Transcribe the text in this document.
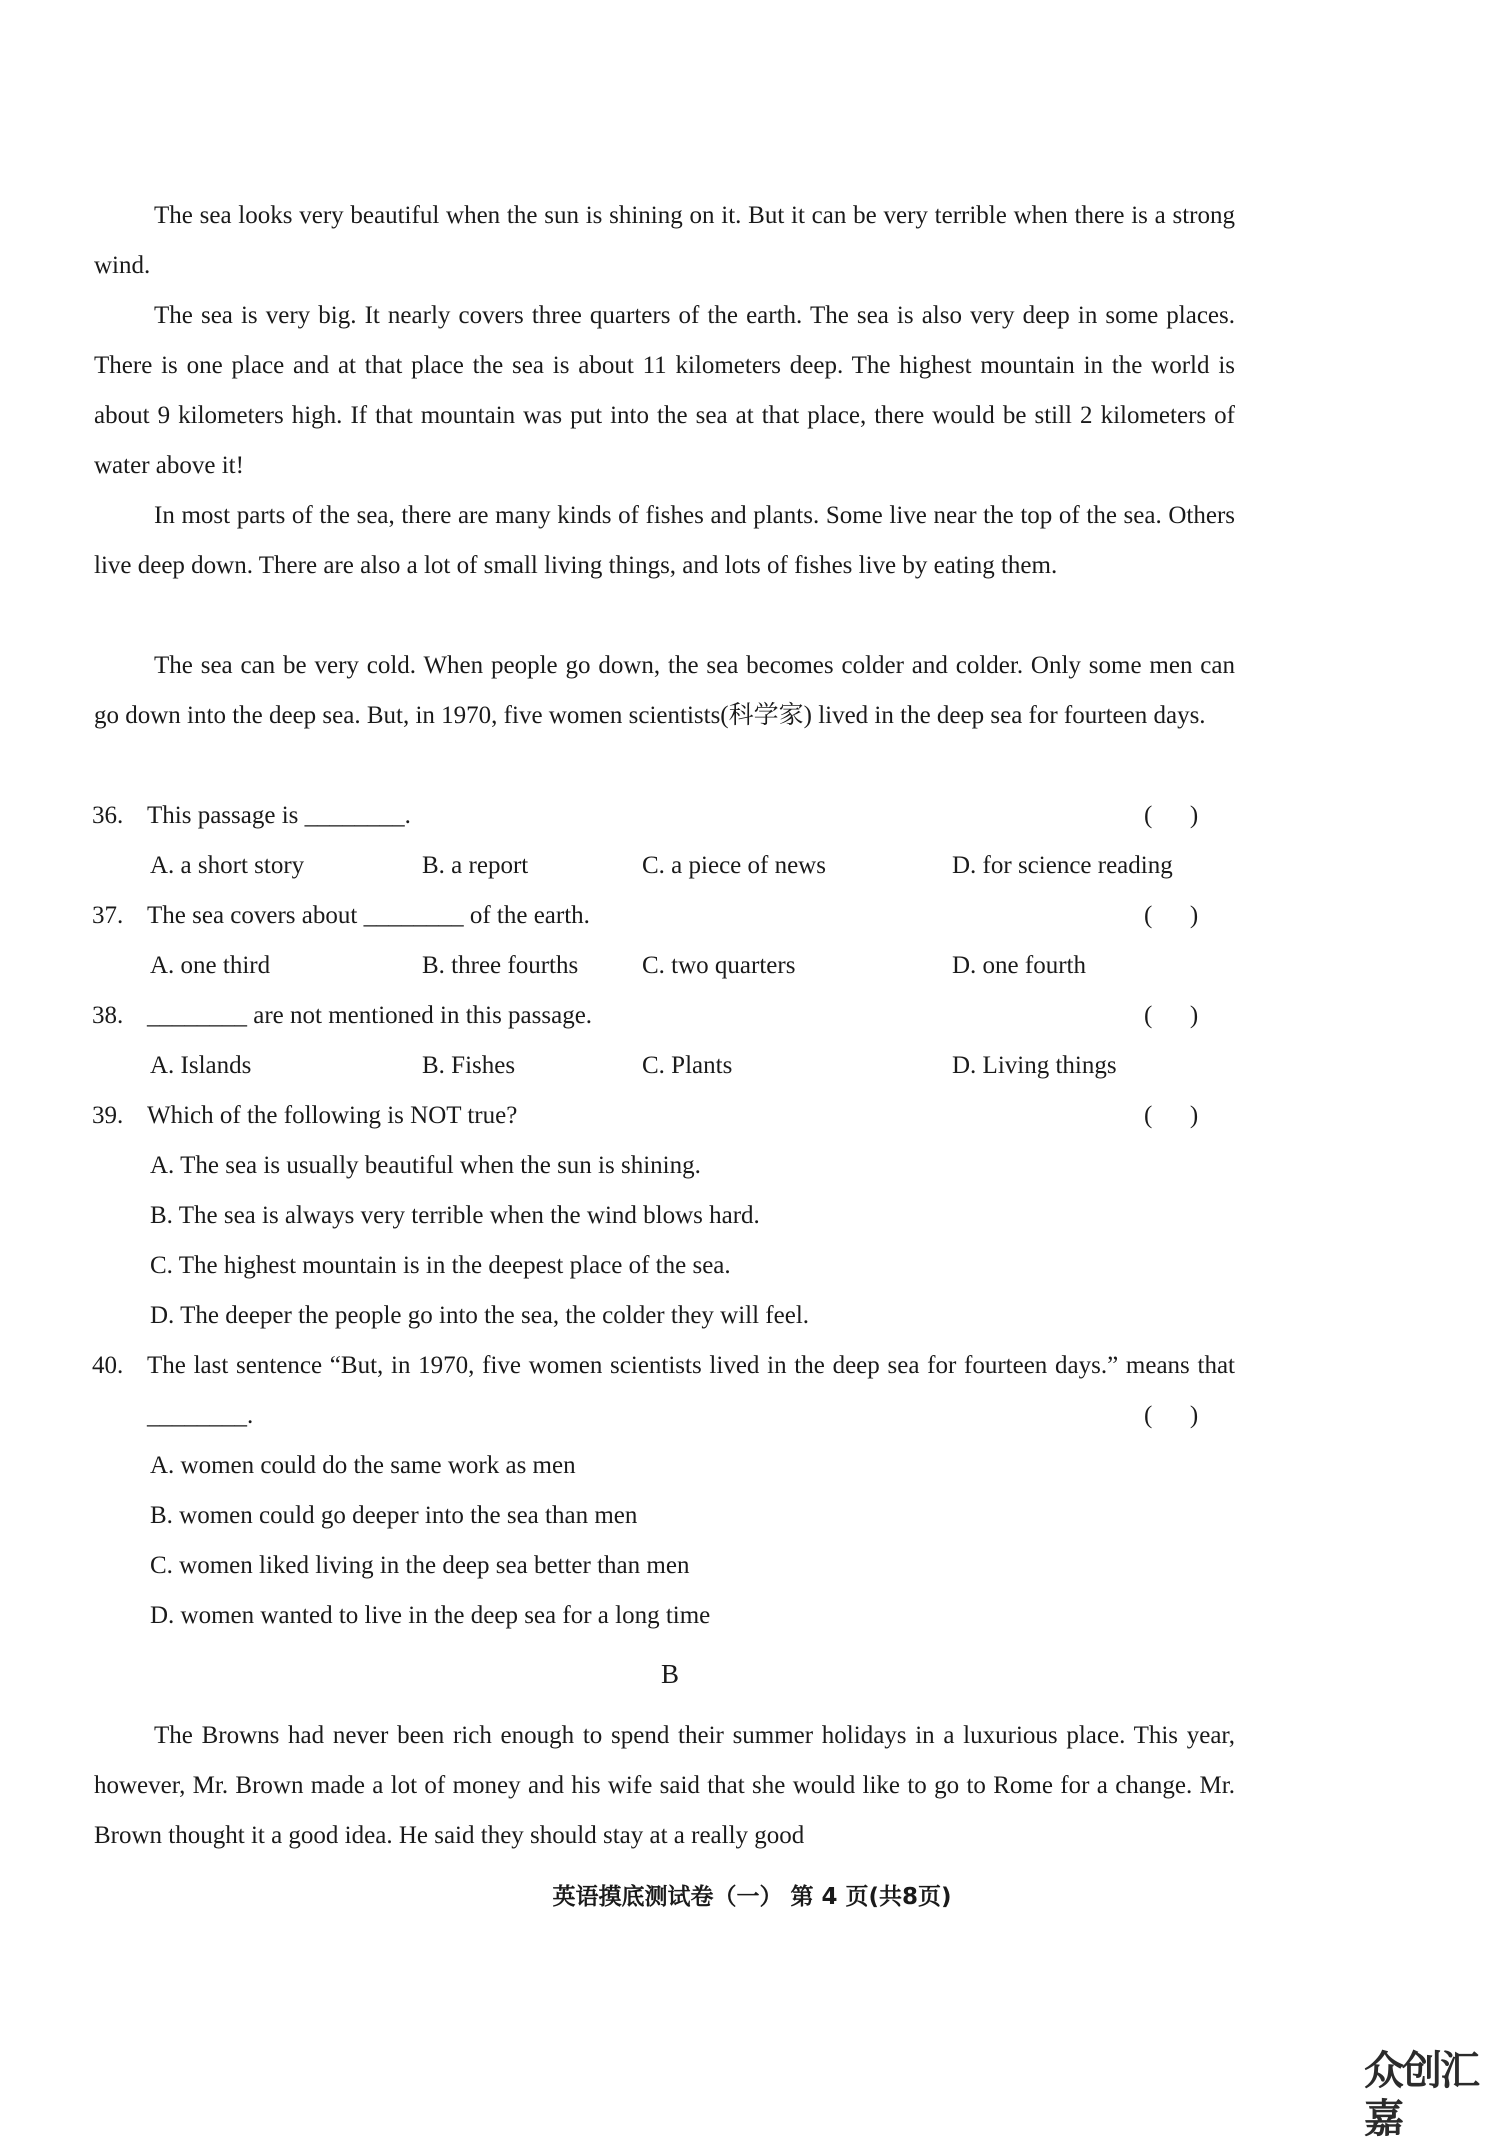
The sea looks very beautiful when the sun is shining on it. But it can be very terrible when there is a strong wind.

The sea is very big. It nearly covers three quarters of the earth. The sea is also very deep in some places. There is one place and at that place the sea is about 11 kilometers deep. The highest mountain in the world is about 9 kilometers high. If that mountain was put into the sea at that place, there would be still 2 kilometers of water above it!

In most parts of the sea, there are many kinds of fishes and plants. Some live near the top of the sea. Others live deep down. There are also a lot of small living things, and lots of fishes live by eating them.

The sea can be very cold. When people go down, the sea becomes colder and colder. Only some men can go down into the deep sea. But, in 1970, five women scientists(科学家) lived in the deep sea for fourteen days.

36. This passage is ________.	(      )
A. a short story	B. a report	C. a piece of news	D. for science reading
37. The sea covers about ________ of the earth.	(      )
A. one third	B. three fourths	C. two quarters	D. one fourth
38. ________ are not mentioned in this passage.	(      )
A. Islands	B. Fishes	C. Plants	D. Living things
39. Which of the following is NOT true?	(      )
A. The sea is usually beautiful when the sun is shining.
B. The sea is always very terrible when the wind blows hard.
C. The highest mountain is in the deepest place of the sea.
D. The deeper the people go into the sea, the colder they will feel.
40. The last sentence “But, in 1970, five women scientists lived in the deep sea for fourteen days.” means that ________.	(      )
A. women could do the same work as men
B. women could go deeper into the sea than men
C. women liked living in the deep sea better than men
D. women wanted to live in the deep sea for a long time
B

The Browns had never been rich enough to spend their summer holidays in a luxurious place. This year, however, Mr. Brown made a lot of money and his wife said that she would like to go to Rome for a change. Mr. Brown thought it a good idea. He said they should stay at a really good

英语摸底测试卷（一） 第 4 页(共8页)
众创汇嘉
